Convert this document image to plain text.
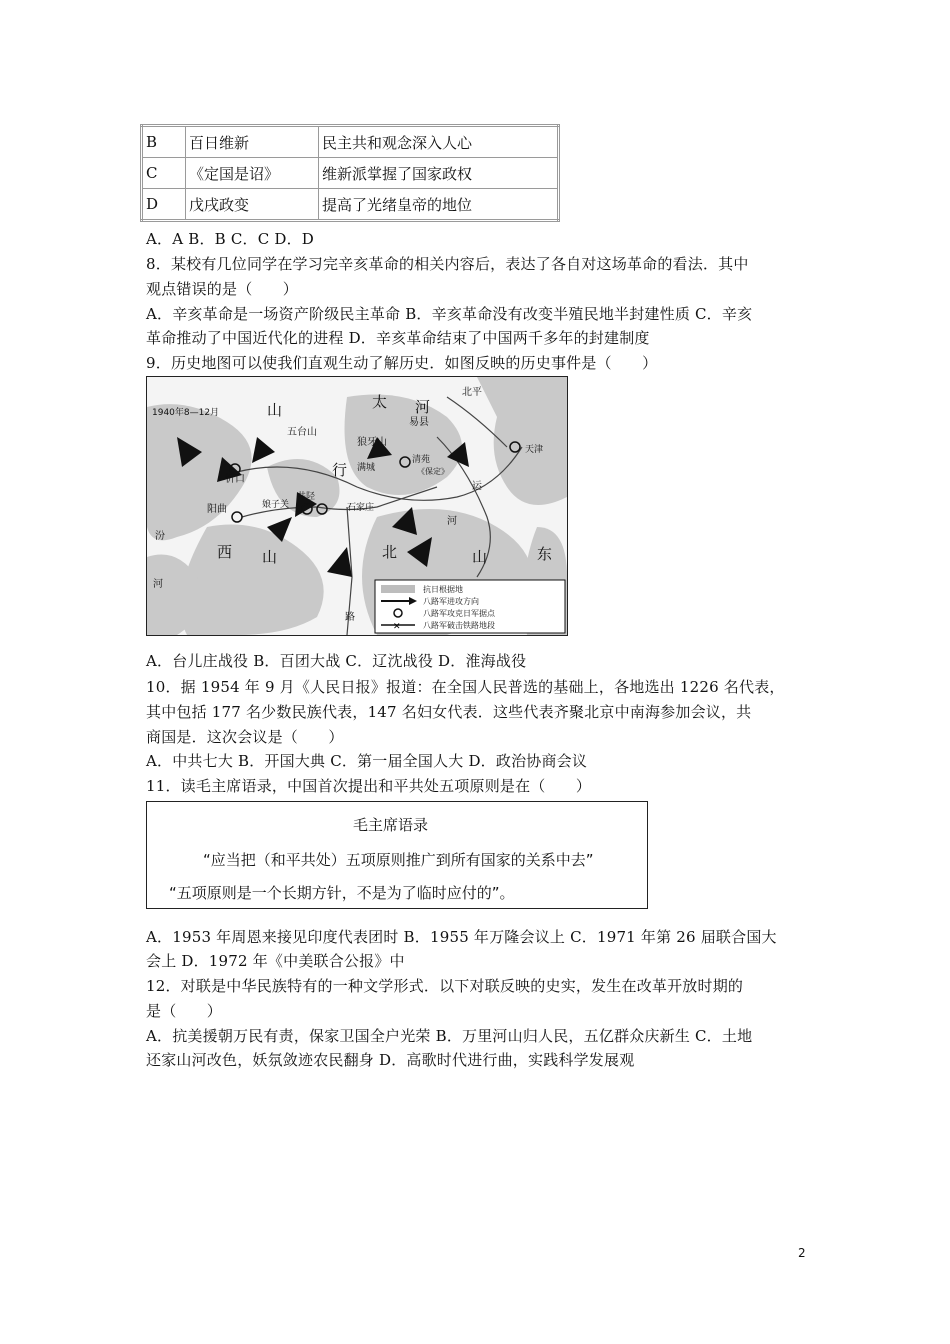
B	百日维新	民主共和观念深入人心
C	《定国是诏》	维新派掌握了国家政权
D	戊戌政变	提高了光绪皇帝的地位
A．A B．B C．C D．D
8．某校有几位同学在学习完辛亥革命的相关内容后，表达了各自对这场革命的看法．其中
观点错误的是（　　）
A．辛亥革命是一场资产阶级民主革命 B．辛亥革命没有改变半殖民地半封建性质 C．辛亥
革命推动了中国近代化的进程 D．辛亥革命结束了中国两千多年的封建制度
9．历史地图可以使我们直观生动了解历史．如图反映的历史事件是（　　）
1940年8—12月	山	太 河
易县
北平
五台山
狼牙山
行
忻口
满城
清苑
《保定》
天津
运
阳曲
井陉
娘子关	石家庄
河
汾
西 山	北	山	东
河
路
✕
抗日根据地
八路军进攻方向
八路军攻克日军据点
八路军破击铁路地段
A．台儿庄战役 B．百团大战 C．辽沈战役 D．淮海战役
10．据 1954 年 9 月《人民日报》报道：在全国人民普选的基础上，各地选出 1226 名代表，
其中包括 177 名少数民族代表，147 名妇女代表．这些代表齐聚北京中南海参加会议，共
商国是．这次会议是（　　）
A．中共七大 B．开国大典 C．第一届全国人大 D．政治协商会议
11．读毛主席语录，中国首次提出和平共处五项原则是在（　　）
毛主席语录
“应当把（和平共处）五项原则推广到所有国家的关系中去”
“五项原则是一个长期方针，不是为了临时应付的”。
A．1953 年周恩来接见印度代表团时 B．1955 年万隆会议上 C．1971 年第 26 届联合国大
会上 D．1972 年《中美联合公报》中
12．对联是中华民族特有的一种文学形式．以下对联反映的史实，发生在改革开放时期的
是（　　）
A．抗美援朝万民有责，保家卫国全户光荣 B．万里河山归人民，五亿群众庆新生 C．土地
还家山河改色，妖氛敛迹农民翻身 D．高歌时代进行曲，实践科学发展观
2
